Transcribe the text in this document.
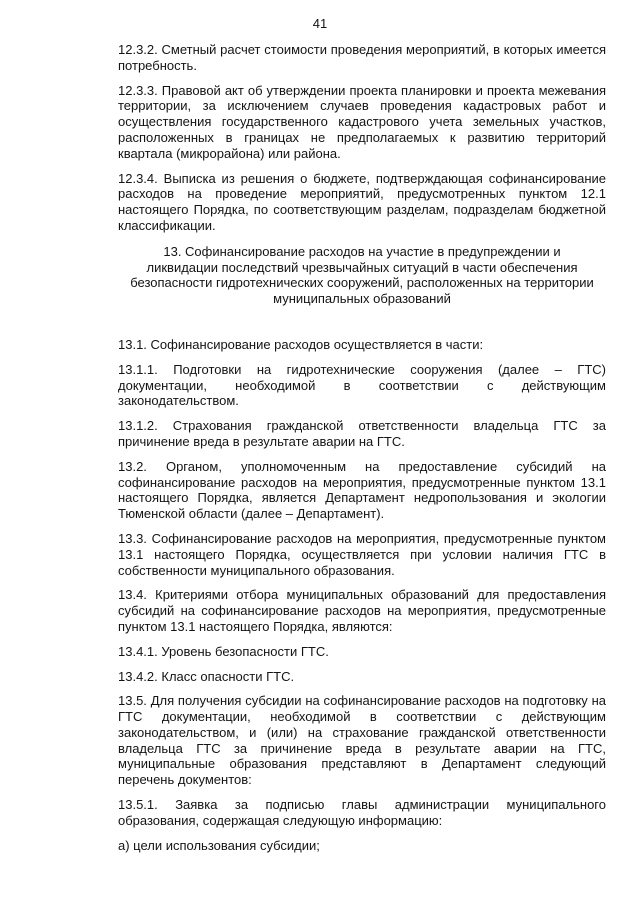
41

12.3.2. Сметный расчет стоимости проведения мероприятий, в которых имеется потребность.

12.3.3. Правовой акт об утверждении проекта планировки и проекта межевания территории, за исключением случаев проведения кадастровых работ и осуществления государственного кадастрового учета земельных участков, расположенных в границах не предполагаемых к развитию территорий квартала (микрорайона) или района.

12.3.4. Выписка из решения о бюджете, подтверждающая софинансирование расходов на проведение мероприятий, предусмотренных пунктом 12.1 настоящего Порядка, по соответствующим разделам, подразделам бюджетной классификации.

13. Софинансирование расходов на участие в предупреждении и ликвидации последствий чрезвычайных ситуаций в части обеспечения безопасности гидротехнических сооружений, расположенных на территории муниципальных образований

13.1. Софинансирование расходов осуществляется в части:

13.1.1. Подготовки на гидротехнические сооружения (далее – ГТС) документации, необходимой в соответствии с действующим законодательством.

13.1.2. Страхования гражданской ответственности владельца ГТС за причинение вреда в результате аварии на ГТС.

13.2. Органом, уполномоченным на предоставление субсидий на софинансирование расходов на мероприятия, предусмотренные пунктом 13.1 настоящего Порядка, является Департамент недропользования и экологии Тюменской области (далее – Департамент).

13.3. Софинансирование расходов на мероприятия, предусмотренные пунктом 13.1 настоящего Порядка, осуществляется при условии наличия ГТС в собственности муниципального образования.

13.4. Критериями отбора муниципальных образований для предоставления субсидий на софинансирование расходов на мероприятия, предусмотренные пунктом 13.1 настоящего Порядка, являются:

13.4.1. Уровень безопасности ГТС.

13.4.2. Класс опасности ГТС.

13.5. Для получения субсидии на софинансирование расходов на подготовку на ГТС документации, необходимой в соответствии с действующим законодательством, и (или) на страхование гражданской ответственности владельца ГТС за причинение вреда в результате аварии на ГТС, муниципальные образования представляют в Департамент следующий перечень документов:

13.5.1. Заявка за подписью главы администрации муниципального образования, содержащая следующую информацию:

а) цели использования субсидии;
